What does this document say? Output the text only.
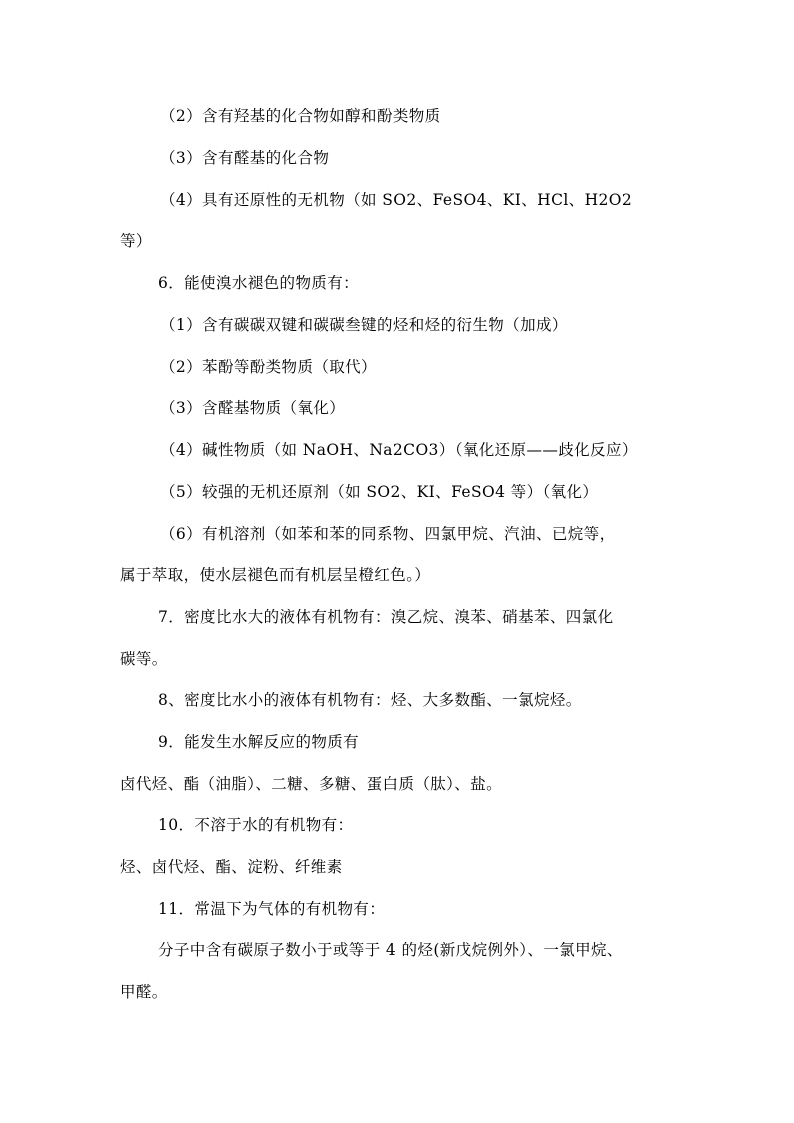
（2）含有羟基的化合物如醇和酚类物质
（3）含有醛基的化合物
（4）具有还原性的无机物（如 SO2、FeSO4、KI、HCl、H2O2
等）
6．能使溴水褪色的物质有：
（1）含有碳碳双键和碳碳叁键的烃和烃的衍生物（加成）
（2）苯酚等酚类物质（取代）
（3）含醛基物质（氧化）
（4）碱性物质（如 NaOH、Na2CO3）（氧化还原——歧化反应）
（5）较强的无机还原剂（如 SO2、KI、FeSO4 等）（氧化）
（6）有机溶剂（如苯和苯的同系物、四氯甲烷、汽油、已烷等，
属于萃取，使水层褪色而有机层呈橙红色。）
7．密度比水大的液体有机物有：溴乙烷、溴苯、硝基苯、四氯化
碳等。
8、密度比水小的液体有机物有：烃、大多数酯、一氯烷烃。
9．能发生水解反应的物质有
卤代烃、酯（油脂）、二糖、多糖、蛋白质（肽）、盐。
10．不溶于水的有机物有：
烃、卤代烃、酯、淀粉、纤维素
11．常温下为气体的有机物有：
分子中含有碳原子数小于或等于 4 的烃(新戊烷例外）、一氯甲烷、
甲醛。
